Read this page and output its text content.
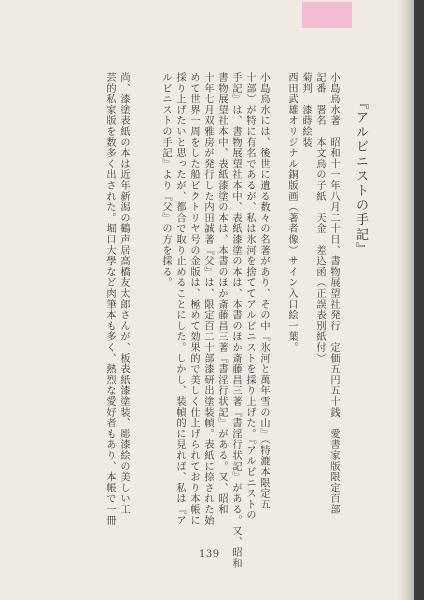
『アルビニストの手記』
小島烏水著　昭和十一年八月二十日、書物展望社発行　定価五円五十銭　愛書家版限定百部
記番　署名　本文烏の子紙　天金　差込函（正誤表別紙付）
菊判　漆蒔絵装
西田武雄オリジナル銅版画（著者像）サイン入口絵一葉。
小島烏水には、後世に遺る数々の名著があり、その中『氷河と萬年雪の山』（特漉本限定五
十部）が特に有名であるが、私は氷河を捨ててアルビニストを採り上げた。『アルビニストの
手記』は、書物展望社本中、表紙漆塗の本は、本書のほか斎藤昌三著『書淫行状記』がある。又、昭和
書物展望社本中、表紙漆塗の本は、本書のほか斎藤昌三著『書淫行状記』がある。又、昭和
十年七月双雅房が発行した内田誠著『父』は、限定百二十部漆研出塗装幀。表紙に捺された始
めて世界一周をした船ビクトリヤ号の金版は、極めて効果的で美しく仕上げられており本帳に
採り上げたいと思ったが、都合で取り止めることにした。しかし、装幀的に見れば、私は『ア
ルビニストの手記』より『父』の方を採る。
尚、漆塗表紙の本は近年新潟の鶴声居高橋友太郎さんが、板表紙漆塗装、彫漆絵の美しい工
芸的私家版を数多く出された。堀口大學など肉筆本も多く、熱烈な愛好者もあり、本帳で一冊
139
